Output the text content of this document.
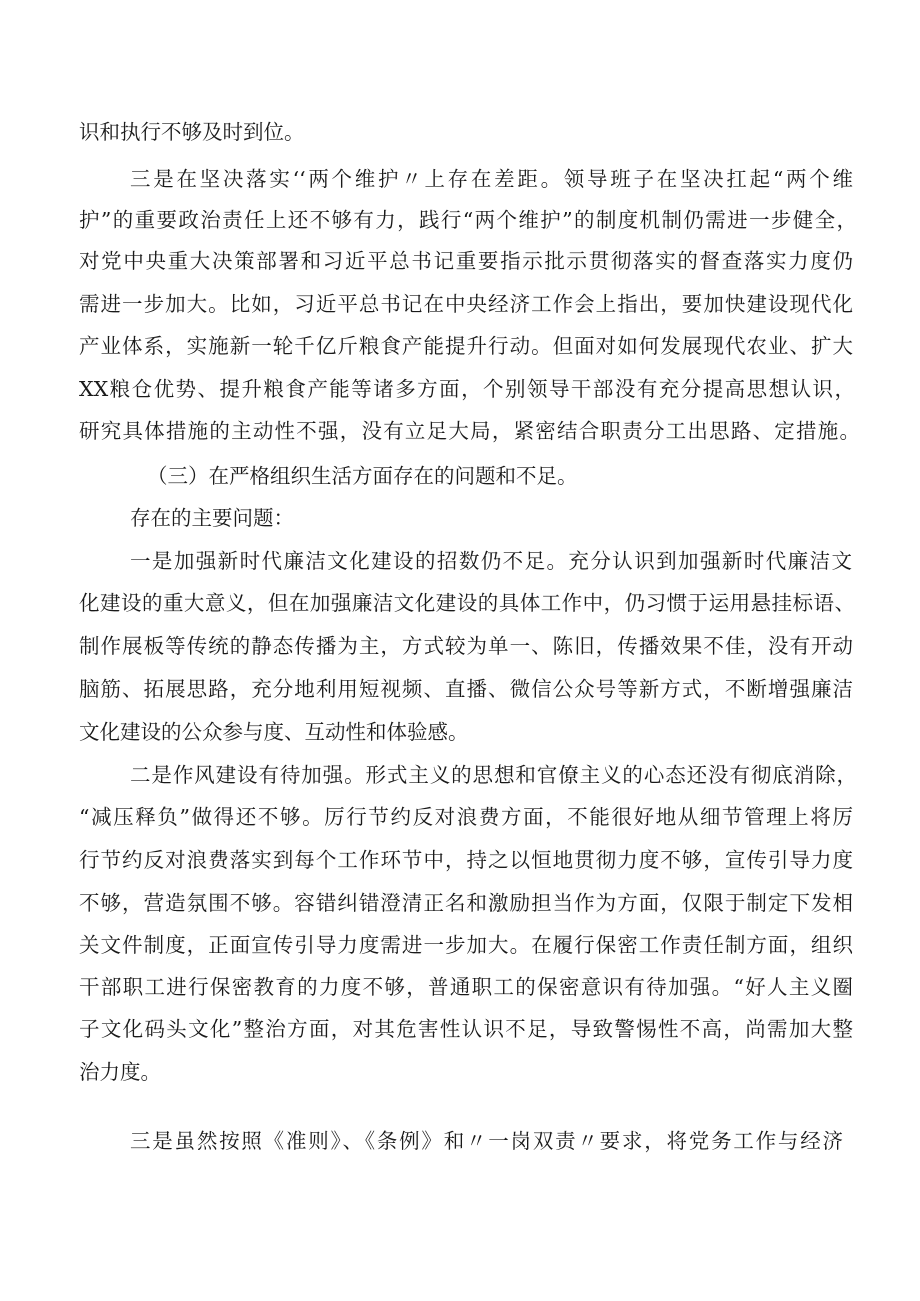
识和执行不够及时到位。
三是在坚决落实‘‘两个维护〃上存在差距。领导班子在坚决扛起“两个维
护”的重要政治责任上还不够有力，践行“两个维护”的制度机制仍需进一步健全，
对党中央重大决策部署和习近平总书记重要指示批示贯彻落实的督查落实力度仍
需进一步加大。比如，习近平总书记在中央经济工作会上指出，要加快建设现代化
产业体系，实施新一轮千亿斤粮食产能提升行动。但面对如何发展现代农业、扩大
XX粮仓优势、提升粮食产能等诸多方面，个别领导干部没有充分提高思想认识，
研究具体措施的主动性不强，没有立足大局，紧密结合职责分工出思路、定措施。
（三）在严格组织生活方面存在的问题和不足。
存在的主要问题：
一是加强新时代廉洁文化建设的招数仍不足。充分认识到加强新时代廉洁文
化建设的重大意义，但在加强廉洁文化建设的具体工作中，仍习惯于运用悬挂标语、
制作展板等传统的静态传播为主，方式较为单一、陈旧，传播效果不佳，没有开动
脑筋、拓展思路，充分地利用短视频、直播、微信公众号等新方式，不断增强廉洁
文化建设的公众参与度、互动性和体验感。
二是作风建设有待加强。形式主义的思想和官僚主义的心态还没有彻底消除，
“减压释负”做得还不够。厉行节约反对浪费方面，不能很好地从细节管理上将厉
行节约反对浪费落实到每个工作环节中，持之以恒地贯彻力度不够，宣传引导力度
不够，营造氛围不够。容错纠错澄清正名和激励担当作为方面，仅限于制定下发相
关文件制度，正面宣传引导力度需进一步加大。在履行保密工作责任制方面，组织
干部职工进行保密教育的力度不够，普通职工的保密意识有待加强。“好人主义圈
子文化码头文化”整治方面，对其危害性认识不足，导致警惕性不高，尚需加大整
治力度。
三是虽然按照《准则》、《条例》和〃一岗双责〃要求，将党务工作与经济
